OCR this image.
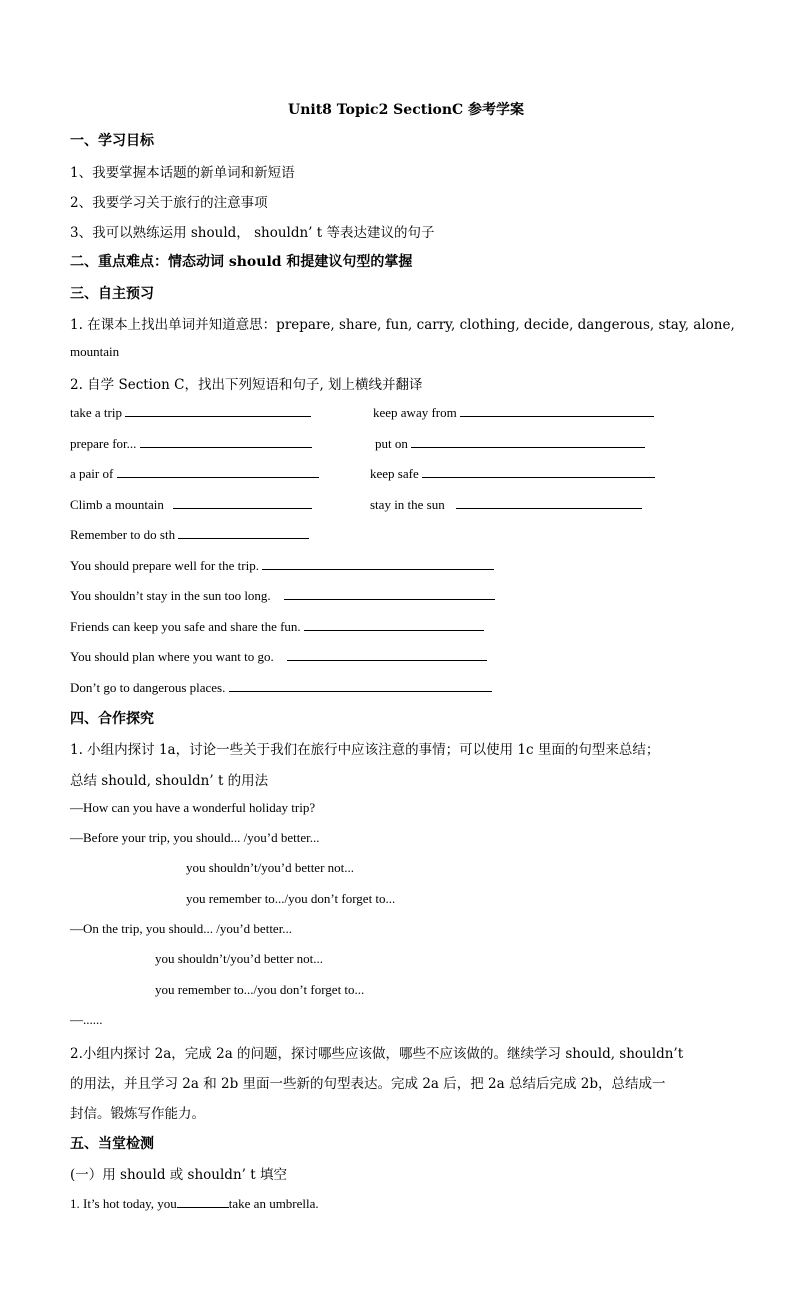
Unit8 Topic2 SectionC 参考学案
一、学习目标
1、我要掌握本话题的新单词和新短语
2、我要学习关于旅行的注意事项
3、我可以熟练运用 should， shouldn’ t 等表达建议的句子
二、重点难点：情态动词 should 和提建议句型的掌握
三、自主预习
1. 在课本上找出单词并知道意思：prepare, share, fun, carry, clothing, decide, dangerous, stay, alone,
mountain
2. 自学 Section C，找出下列短语和句子, 划上横线并翻译
take a trip	keep away from
prepare for...	put on
a pair of	keep safe
Climb a mountain	stay in the sun
Remember to do sth
You should prepare well for the trip.
You shouldn’t stay in the sun too long.
Friends can keep you safe and share the fun.
You should plan where you want to go.
Don’t go to dangerous places.
四、合作探究
1. 小组内探讨 1a，讨论一些关于我们在旅行中应该注意的事情；可以使用 1c 里面的句型来总结；
总结 should, shouldn’ t 的用法
—How can you have a wonderful holiday trip?
—Before your trip, you should... /you’d better...
you shouldn’t/you’d better not...
you remember to.../you don’t forget to...
—On the trip, you should... /you’d better...
you shouldn’t/you’d better not...
you remember to.../you don’t forget to...
—......
2.小组内探讨 2a，完成 2a 的问题，探讨哪些应该做，哪些不应该做的。继续学习 should, shouldn’t
的用法，并且学习 2a 和 2b 里面一些新的句型表达。完成 2a 后，把 2a 总结后完成 2b，总结成一
封信。锻炼写作能力。
五、当堂检测
(一）用 should 或 shouldn’ t 填空
1. It’s hot today, you	take an umbrella.
